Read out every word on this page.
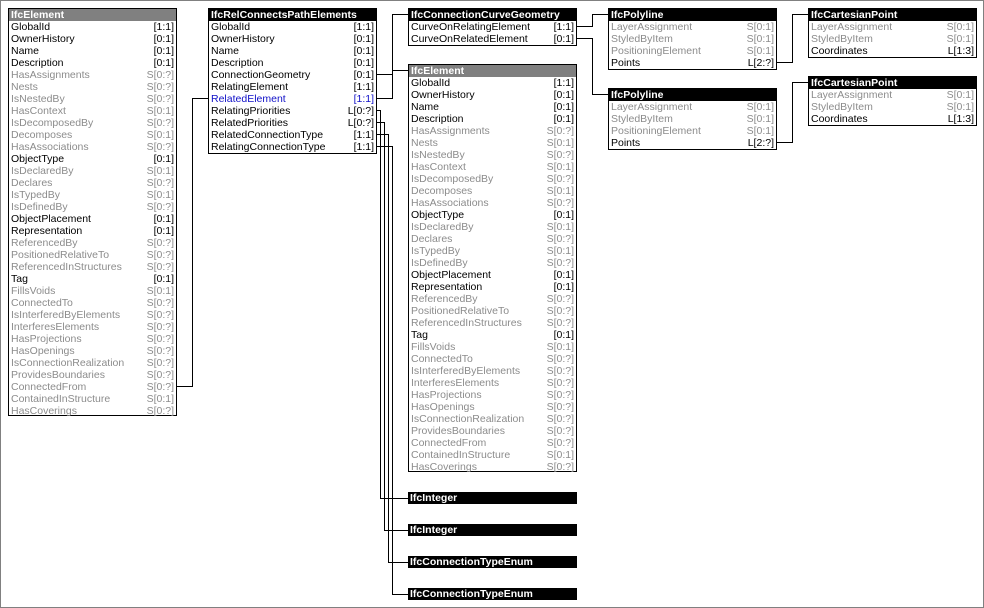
IfcElement
GlobalId	[1:1]
OwnerHistory	[0:1]
Name	[0:1]
Description	[0:1]
HasAssignments	S[0:?]
Nests	S[0:?]
IsNestedBy	S[0:?]
HasContext	S[0:1]
IsDecomposedBy	S[0:?]
Decomposes	S[0:1]
HasAssociations	S[0:?]
ObjectType	[0:1]
IsDeclaredBy	S[0:1]
Declares	S[0:?]
IsTypedBy	S[0:1]
IsDefinedBy	S[0:?]
ObjectPlacement	[0:1]
Representation	[0:1]
ReferencedBy	S[0:?]
PositionedRelativeTo	S[0:?]
ReferencedInStructures S[0:?]
Tag	[0:1]
FillsVoids	S[0:1]
ConnectedTo	S[0:?]
IsInterferedByElements	S[0:?]
InterferesElements	S[0:?]
HasProjections	S[0:?]
HasOpenings	S[0:?]
IsConnectionRealization S[0:?]
ProvidesBoundaries	S[0:?]
ConnectedFrom	S[0:?]
ContainedInStructure	S[0:1]
HasCoverings	S[0:?]
IfcRelConnectsPathElements
GlobalId	[1:1]
OwnerHistory	[0:1]
Name	[0:1]
Description	[0:1]
ConnectionGeometry	[0:1]
RelatingElement	[1:1]
RelatedElement	[1:1]
RelatingPriorities	L[0:?]
RelatedPriorities	L[0:?]
RelatedConnectionType	[1:1]
RelatingConnectionType	[1:1]
IfcConnectionCurveGeometry
CurveOnRelatingElement [1:1]
CurveOnRelatedElement [0:1]
IfcPolyline
LayerAssignment	S[0:1]
StyledByItem	S[0:1]
PositioningElement	S[0:1]
Points	L[2:?]
IfcPolyline
LayerAssignment	S[0:1]
StyledByItem	S[0:1]
PositioningElement	S[0:1]
Points	L[2:?]
IfcCartesianPoint
LayerAssignment	S[0:1]
StyledByItem	S[0:1]
Coordinates	L[1:3]
IfcCartesianPoint
LayerAssignment	S[0:1]
StyledByItem	S[0:1]
Coordinates	L[1:3]
IfcElement
GlobalId	[1:1]
OwnerHistory	[0:1]
Name	[0:1]
Description	[0:1]
HasAssignments	S[0:?]
Nests	S[0:1]
IsNestedBy	S[0:?]
HasContext	S[0:1]
IsDecomposedBy	S[0:?]
Decomposes	S[0:1]
HasAssociations	S[0:?]
ObjectType	[0:1]
IsDeclaredBy	S[0:1]
Declares	S[0:?]
IsTypedBy	S[0:1]
IsDefinedBy	S[0:?]
ObjectPlacement	[0:1]
Representation	[0:1]
ReferencedBy	S[0:?]
PositionedRelativeTo	S[0:?]
ReferencedInStructures S[0:?]
Tag	[0:1]
FillsVoids	S[0:1]
ConnectedTo	S[0:?]
IsInterferedByElements	S[0:?]
InterferesElements	S[0:?]
HasProjections	S[0:?]
HasOpenings	S[0:?]
IsConnectionRealization S[0:?]
ProvidesBoundaries	S[0:?]
ConnectedFrom	S[0:?]
ContainedInStructure	S[0:1]
HasCoverings	S[0:?]
IfcInteger
IfcInteger
IfcConnectionTypeEnum
IfcConnectionTypeEnum
